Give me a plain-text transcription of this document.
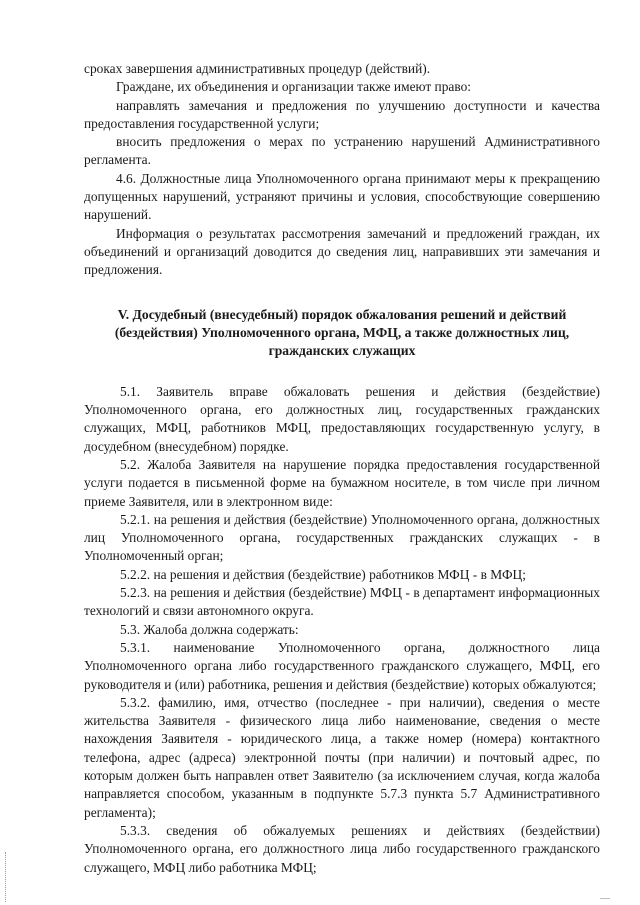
сроках завершения административных процедур (действий).

Граждане, их объединения и организации также имеют право:

направлять замечания и предложения по улучшению доступности и качества предоставления государственной услуги;

вносить предложения о мерах по устранению нарушений Административного регламента.

4.6. Должностные лица Уполномоченного органа принимают меры к прекращению допущенных нарушений, устраняют причины и условия, способствующие совершению нарушений.

Информация о результатах рассмотрения замечаний и предложений граждан, их объединений и организаций доводится до сведения лиц, направивших эти замечания и предложения.

V. Досудебный (внесудебный) порядок обжалования решений и действий (бездействия) Уполномоченного органа, МФЦ, а также должностных лиц, гражданских служащих

5.1. Заявитель вправе обжаловать решения и действия (бездействие) Уполномоченного органа, его должностных лиц, государственных гражданских служащих, МФЦ, работников МФЦ, предоставляющих государственную услугу, в досудебном (внесудебном) порядке.

5.2. Жалоба Заявителя на нарушение порядка предоставления государственной услуги подается в письменной форме на бумажном носителе, в том числе при личном приеме Заявителя, или в электронном виде:

5.2.1. на решения и действия (бездействие) Уполномоченного органа, должностных лиц Уполномоченного органа, государственных гражданских служащих - в Уполномоченный орган;

5.2.2. на решения и действия (бездействие) работников МФЦ - в МФЦ;

5.2.3. на решения и действия (бездействие) МФЦ - в департамент информационных технологий и связи автономного округа.

5.3. Жалоба должна содержать:

5.3.1. наименование Уполномоченного органа, должностного лица Уполномоченного органа либо государственного гражданского служащего, МФЦ, его руководителя и (или) работника, решения и действия (бездействие) которых обжалуются;

5.3.2. фамилию, имя, отчество (последнее - при наличии), сведения о месте жительства Заявителя - физического лица либо наименование, сведения о месте нахождения Заявителя - юридического лица, а также номер (номера) контактного телефона, адрес (адреса) электронной почты (при наличии) и почтовый адрес, по которым должен быть направлен ответ Заявителю (за исключением случая, когда жалоба направляется способом, указанным в подпункте 5.7.3 пункта 5.7 Административного регламента);

5.3.3. сведения об обжалуемых решениях и действиях (бездействии) Уполномоченного органа, его должностного лица либо государственного гражданского служащего, МФЦ либо работника МФЦ;
